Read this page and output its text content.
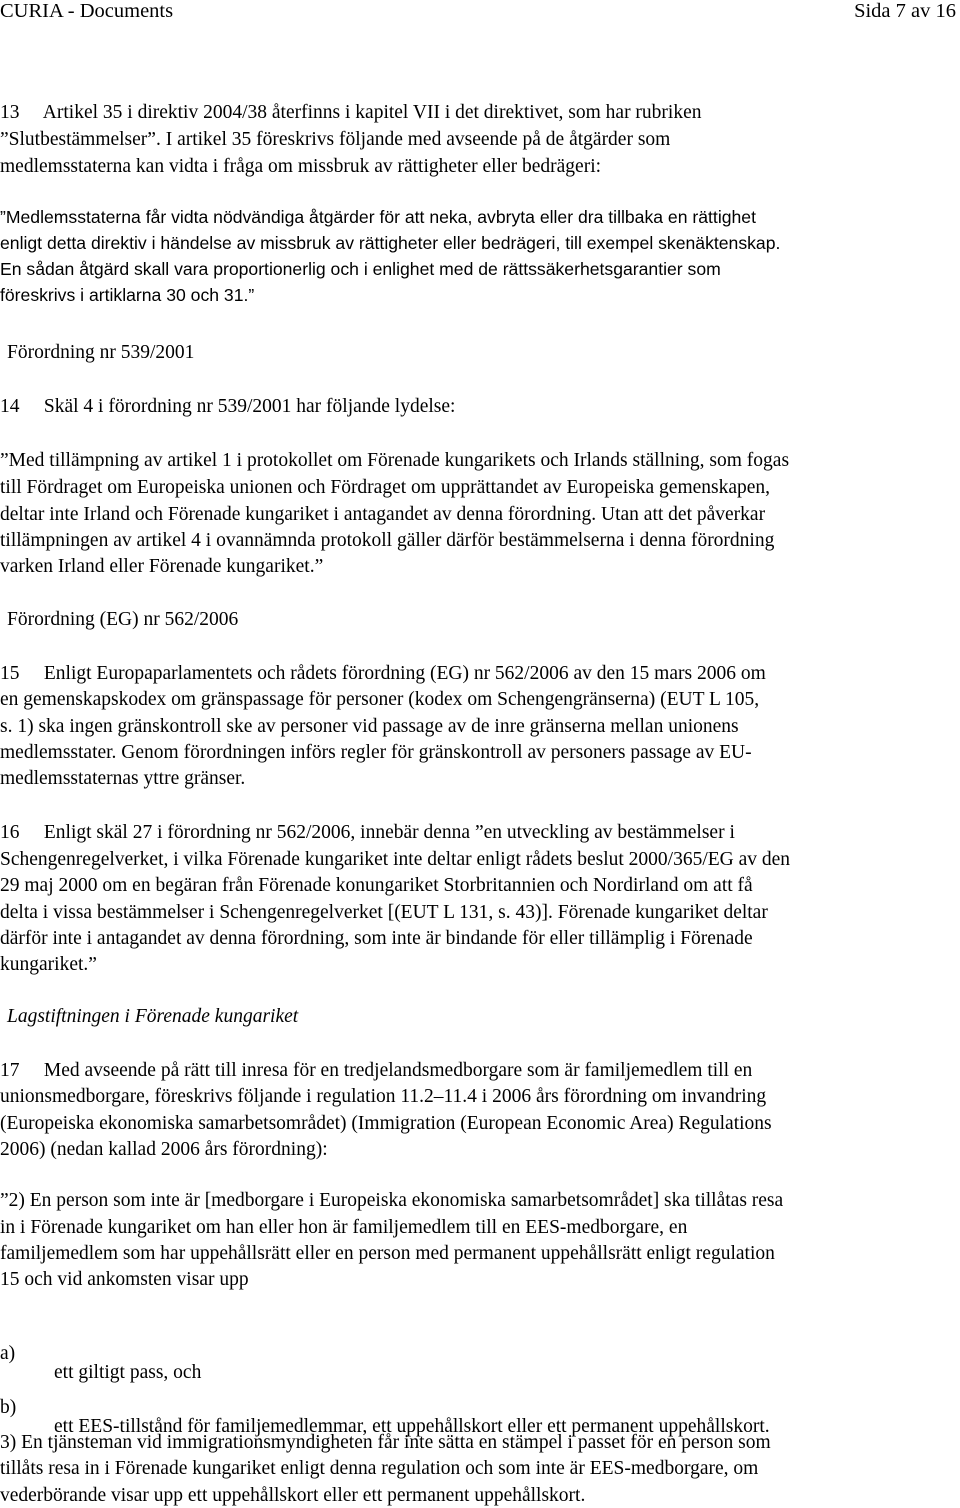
CURIA - Documents	Sida 7 av 16
13     Artikel 35 i direktiv 2004/38 återfinns i kapitel VII i det direktivet, som har rubriken
”Slutbestämmelser”. I artikel 35 föreskrivs följande med avseende på de åtgärder som
medlemsstaterna kan vidta i fråga om missbruk av rättigheter eller bedrägeri:
”Medlemsstaterna får vidta nödvändiga åtgärder för att neka, avbryta eller dra tillbaka en rättighet
enligt detta direktiv i händelse av missbruk av rättigheter eller bedrägeri, till exempel skenäktenskap.
En sådan åtgärd skall vara proportionerlig och i enlighet med de rättssäkerhetsgarantier som
föreskrivs i artiklarna 30 och 31.”
Förordning nr 539/2001
14     Skäl 4 i förordning nr 539/2001 har följande lydelse:
”Med tillämpning av artikel 1 i protokollet om Förenade kungarikets och Irlands ställning, som fogas
till Fördraget om Europeiska unionen och Fördraget om upprättandet av Europeiska gemenskapen,
deltar inte Irland och Förenade kungariket i antagandet av denna förordning. Utan att det påverkar
tillämpningen av artikel 4 i ovannämnda protokoll gäller därför bestämmelserna i denna förordning
varken Irland eller Förenade kungariket.”
Förordning (EG) nr 562/2006
15     Enligt Europaparlamentets och rådets förordning (EG) nr 562/2006 av den 15 mars 2006 om
en gemenskapskodex om gränspassage för personer (kodex om Schengengränserna) (EUT L 105,
s. 1) ska ingen gränskontroll ske av personer vid passage av de inre gränserna mellan unionens
medlemsstater. Genom förordningen införs regler för gränskontroll av personers passage av EU-
medlemsstaternas yttre gränser.
16     Enligt skäl 27 i förordning nr 562/2006, innebär denna ”en utveckling av bestämmelser i
Schengenregelverket, i vilka Förenade kungariket inte deltar enligt rådets beslut 2000/365/EG av den
29 maj 2000 om en begäran från Förenade konungariket Storbritannien och Nordirland om att få
delta i vissa bestämmelser i Schengenregelverket [(EUT L 131, s. 43)]. Förenade kungariket deltar
därför inte i antagandet av denna förordning, som inte är bindande för eller tillämplig i Förenade
kungariket.”
Lagstiftningen i Förenade kungariket
17     Med avseende på rätt till inresa för en tredjelandsmedborgare som är familjemedlem till en
unionsmedborgare, föreskrivs följande i regulation 11.2–11.4 i 2006 års förordning om invandring
(Europeiska ekonomiska samarbetsområdet) (Immigration (European Economic Area) Regulations
2006) (nedan kallad 2006 års förordning):
”2) En person som inte är [medborgare i Europeiska ekonomiska samarbetsområdet] ska tillåtas resa
in i Förenade kungariket om han eller hon är familjemedlem till en EES-medborgare, en
familjemedlem som har uppehållsrätt eller en person med permanent uppehållsrätt enligt regulation
15 och vid ankomsten visar upp

a)

ett giltigt pass, och

b)

ett EES-tillstånd för familjemedlemmar, ett uppehållskort eller ett permanent uppehållskort.

3) En tjänsteman vid immigrationsmyndigheten får inte sätta en stämpel i passet för en person som
tillåts resa in i Förenade kungariket enligt denna regulation och som inte är EES-medborgare, om
vederbörande visar upp ett uppehållskort eller ett permanent uppehållskort.
